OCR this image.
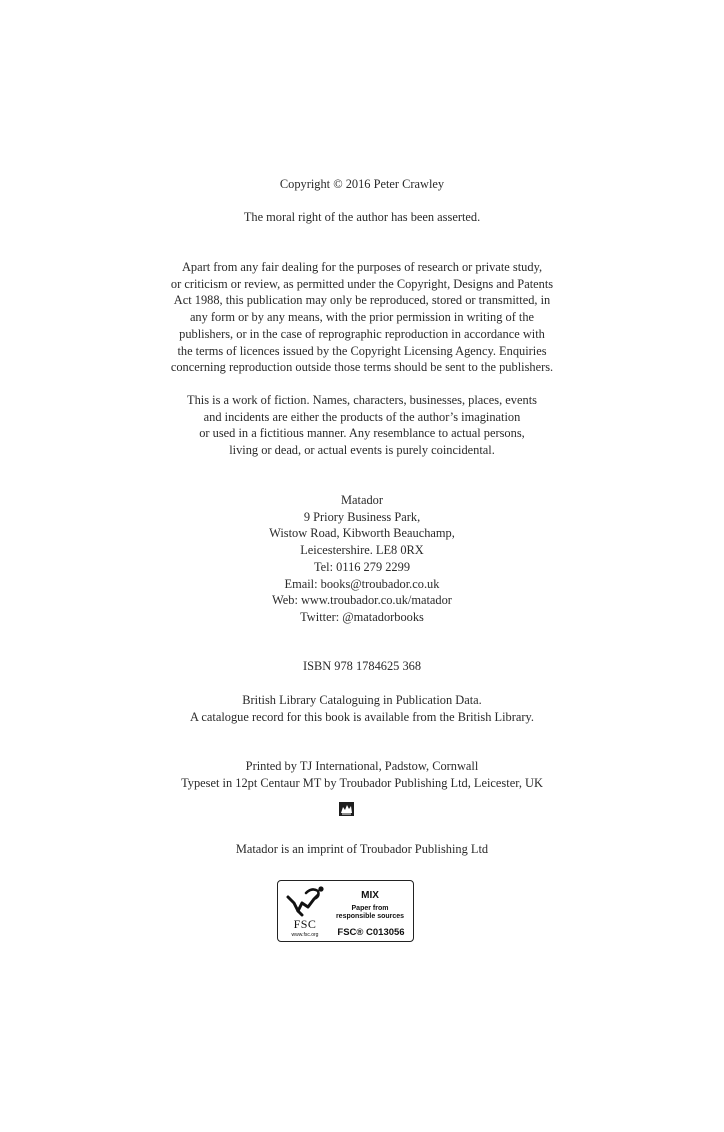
Copyright © 2016 Peter Crawley

The moral right of the author has been asserted.

Apart from any fair dealing for the purposes of research or private study,

or criticism or review, as permitted under the Copyright, Designs and Patents

Act 1988, this publication may only be reproduced, stored or transmitted, in

any form or by any means, with the prior permission in writing of the

publishers, or in the case of reprographic reproduction in accordance with

the terms of licences issued by the Copyright Licensing Agency. Enquiries

concerning reproduction outside those terms should be sent to the publishers.

This is a work of fiction. Names, characters, businesses, places, events

and incidents are either the products of the author’s imagination

or used in a fictitious manner. Any resemblance to actual persons,

living or dead, or actual events is purely coincidental.

Matador

9 Priory Business Park,

Wistow Road, Kibworth Beauchamp,

Leicestershire. LE8 0RX

Tel: 0116 279 2299

Email: books@troubador.co.uk

Web: www.troubador.co.uk/matador

Twitter: @matadorbooks

ISBN 978 1784625 368

British Library Cataloguing in Publication Data.

A catalogue record for this book is available from the British Library.

Printed by TJ International, Padstow, Cornwall

Typeset in 12pt Centaur MT by Troubador Publishing Ltd, Leicester, UK

Matador is an imprint of Troubador Publishing Ltd

FSC
www.fsc.org
MIX
Paper from
responsible sources
FSC® C013056
